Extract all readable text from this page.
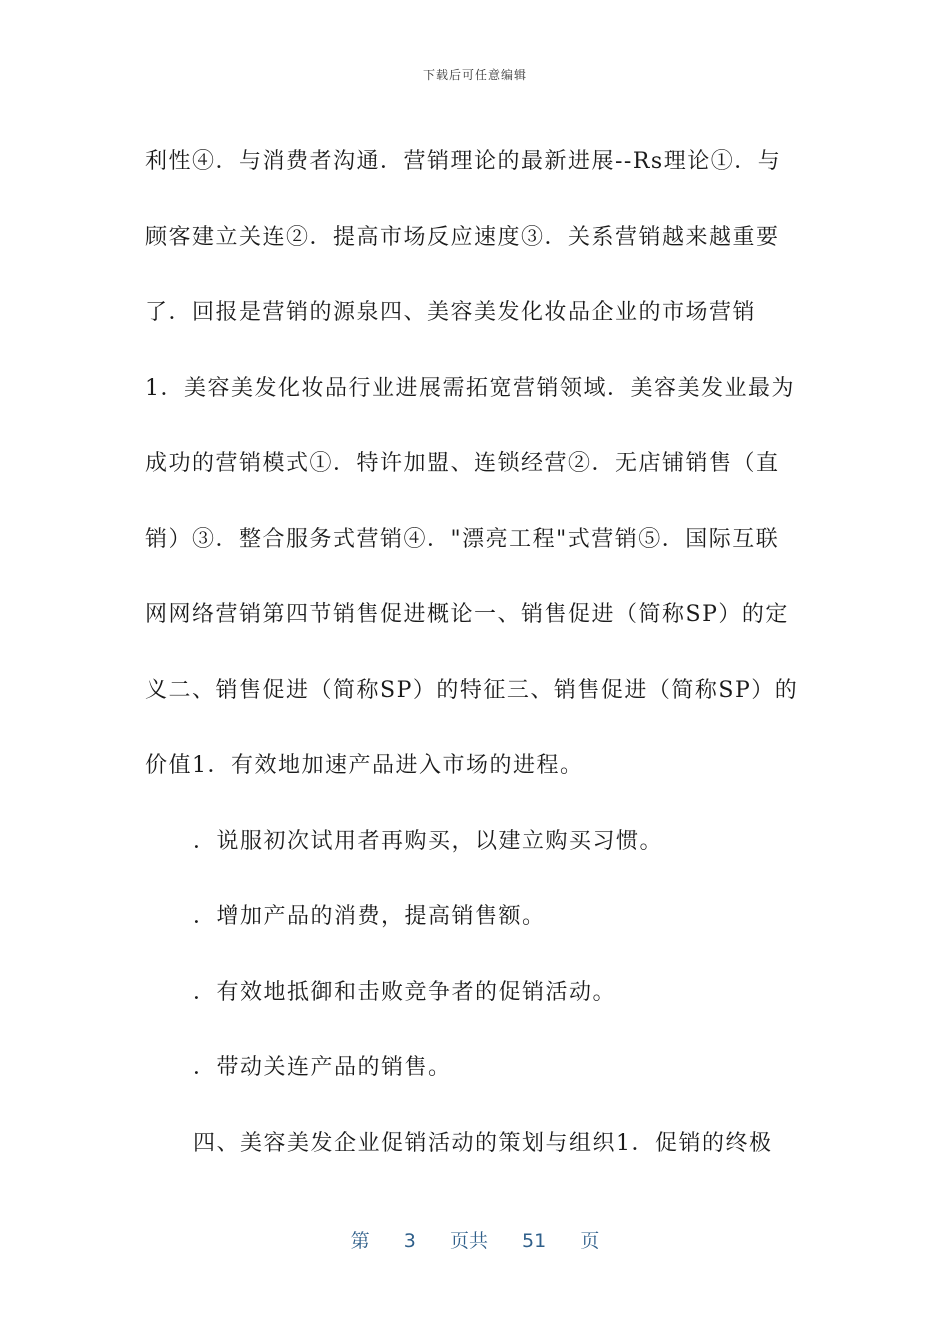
下载后可任意编辑

利性④．与消费者沟通．营销理论的最新进展--Rs理论①．与

顾客建立关连②．提高市场反应速度③．关系营销越来越重要

了．回报是营销的源泉四、美容美发化妆品企业的市场营销

1．美容美发化妆品行业进展需拓宽营销领域．美容美发业最为

成功的营销模式①．特许加盟、连锁经营②．无店铺销售（直

销）③．整合服务式营销④．"漂亮工程"式营销⑤．国际互联

网网络营销第四节销售促进概论一、销售促进（简称SP）的定

义二、销售促进（简称SP）的特征三、销售促进（简称SP）的

价值1．有效地加速产品进入市场的进程。

．说服初次试用者再购买，以建立购买习惯。

．增加产品的消费，提高销售额。

．有效地抵御和击败竞争者的促销活动。

．带动关连产品的销售。

四、美容美发企业促销活动的策划与组织1．促销的终极

第 3 页共 51 页
